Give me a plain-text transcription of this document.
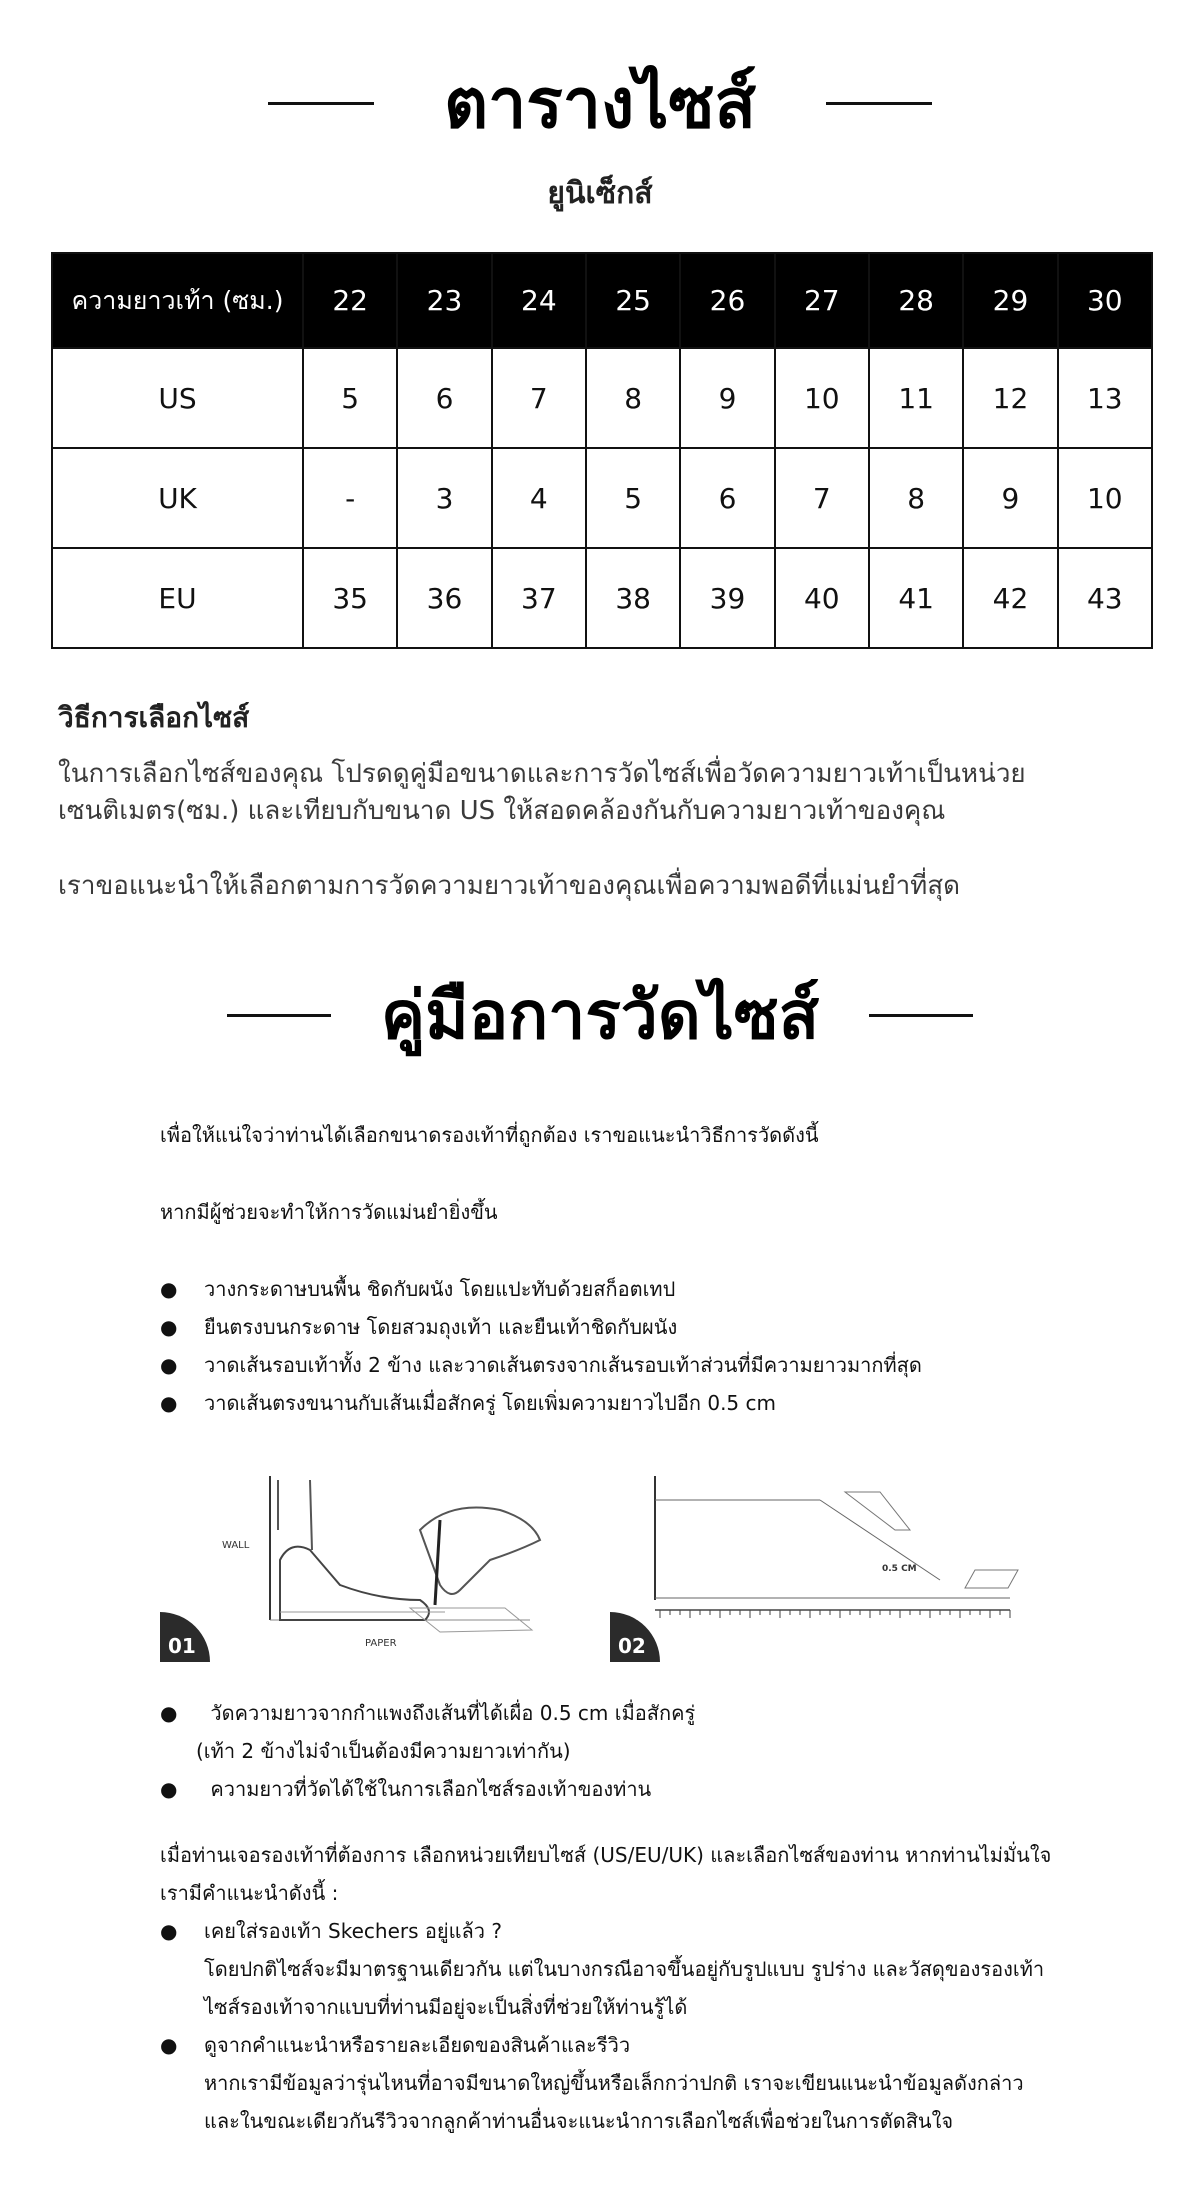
ตารางไซส์
ยูนิเซ็กส์
ความยาวเท้า (ซม.)	22	23	24	25	26	27	28	29	30
US	5	6	7	8	9	10	11	12	13
UK	-	3	4	5	6	7	8	9	10
EU	35	36	37	38	39	40	41	42	43
วิธีการเลือกไซส์
ในการเลือกไซส์ของคุณ โปรดดูคู่มือขนาดและการวัดไซส์เพื่อวัดความยาวเท้าเป็นหน่วยเซนติเมตร(ซม.) และเทียบกับขนาด US ให้สอดคล้องกันกับความยาวเท้าของคุณ
เราขอแนะนำให้เลือกตามการวัดความยาวเท้าของคุณเพื่อความพอดีที่แม่นยำที่สุด
คู่มือการวัดไซส์
เพื่อให้แน่ใจว่าท่านได้เลือกขนาดรองเท้าที่ถูกต้อง เราขอแนะนำวิธีการวัดดังนี้
หากมีผู้ช่วยจะทำให้การวัดแม่นยำยิ่งขึ้น
● วางกระดาษบนพื้น ชิดกับผนัง โดยแปะทับด้วยสก็อตเทป
● ยืนตรงบนกระดาษ โดยสวมถุงเท้า และยืนเท้าชิดกับผนัง
● วาดเส้นรอบเท้าทั้ง 2 ข้าง และวาดเส้นตรงจากเส้นรอบเท้าส่วนที่มีความยาวมากที่สุด
● วาดเส้นตรงขนานกับเส้นเมื่อสักครู่ โดยเพิ่มความยาวไปอีก 0.5 cm
WALL
PAPER
01
0.5 CM
02
● วัดความยาวจากกำแพงถึงเส้นที่ได้เผื่อ 0.5 cm เมื่อสักครู่
(เท้า 2 ข้างไม่จำเป็นต้องมีความยาวเท่ากัน)
● ความยาวที่วัดได้ใช้ในการเลือกไซส์รองเท้าของท่าน
เมื่อท่านเจอรองเท้าที่ต้องการ เลือกหน่วยเทียบไซส์ (US/EU/UK) และเลือกไซส์ของท่าน หากท่านไม่มั่นใจ
เรามีคำแนะนำดังนี้ :
● เคยใส่รองเท้า Skechers อยู่แล้ว ?
โดยปกติไซส์จะมีมาตรฐานเดียวกัน แต่ในบางกรณีอาจขึ้นอยู่กับรูปแบบ รูปร่าง และวัสดุของรองเท้า
ไซส์รองเท้าจากแบบที่ท่านมีอยู่จะเป็นสิ่งที่ช่วยให้ท่านรู้ได้
● ดูจากคำแนะนำหรือรายละเอียดของสินค้าและรีวิว
หากเรามีข้อมูลว่ารุ่นไหนที่อาจมีขนาดใหญ่ขึ้นหรือเล็กกว่าปกติ เราจะเขียนแนะนำข้อมูลดังกล่าว
และในขณะเดียวกันรีวิวจากลูกค้าท่านอื่นจะแนะนำการเลือกไซส์เพื่อช่วยในการตัดสินใจ
